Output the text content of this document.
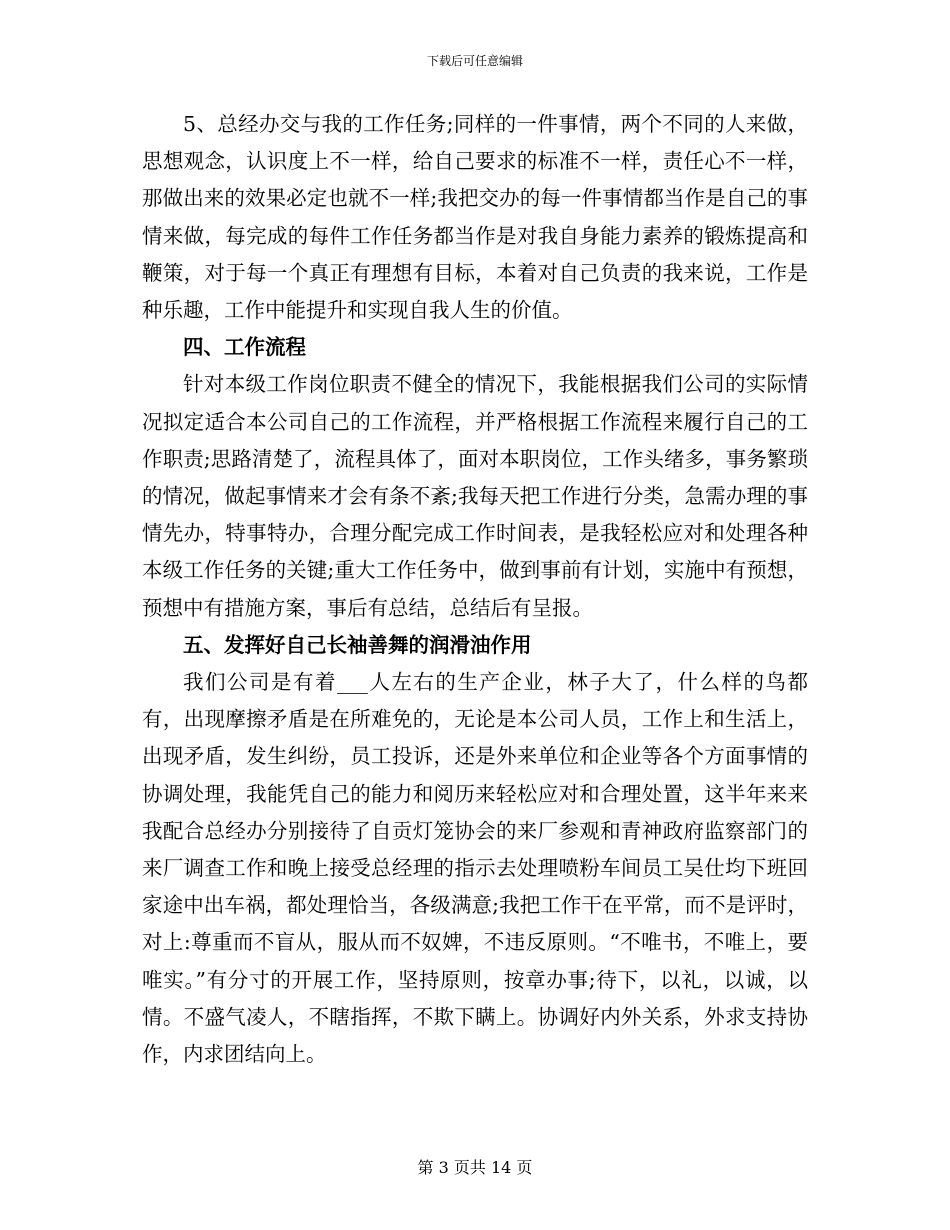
下载后可任意编辑

5、总经办交与我的工作任务;同样的一件事情，两个不同的人来做，思想观念，认识度上不一样，给自己要求的标准不一样，责任心不一样，那做出来的效果必定也就不一样;我把交办的每一件事情都当作是自己的事情来做，每完成的每件工作任务都当作是对我自身能力素养的锻炼提高和鞭策，对于每一个真正有理想有目标，本着对自己负责的我来说，工作是种乐趣，工作中能提升和实现自我人生的价值。

四、工作流程

针对本级工作岗位职责不健全的情况下，我能根据我们公司的实际情况拟定适合本公司自己的工作流程，并严格根据工作流程来履行自己的工作职责;思路清楚了，流程具体了，面对本职岗位，工作头绪多，事务繁琐的情况，做起事情来才会有条不紊;我每天把工作进行分类，急需办理的事情先办，特事特办，合理分配完成工作时间表，是我轻松应对和处理各种本级工作任务的关键;重大工作任务中，做到事前有计划，实施中有预想，预想中有措施方案，事后有总结，总结后有呈报。

五、发挥好自己长袖善舞的润滑油作用

我们公司是有着___人左右的生产企业，林子大了，什么样的鸟都有，出现摩擦矛盾是在所难免的，无论是本公司人员，工作上和生活上，出现矛盾，发生纠纷，员工投诉，还是外来单位和企业等各个方面事情的协调处理，我能凭自己的能力和阅历来轻松应对和合理处置，这半年来来我配合总经办分别接待了自贡灯笼协会的来厂参观和青神政府监察部门的来厂调查工作和晚上接受总经理的指示去处理喷粉车间员工吴仕均下班回家途中出车祸，都处理恰当，各级满意;我把工作干在平常，而不是评时，对上:尊重而不盲从，服从而不奴婢，不违反原则。“不唯书，不唯上，要唯实。”有分寸的开展工作，坚持原则，按章办事;待下，以礼，以诚，以情。不盛气凌人，不瞎指挥，不欺下瞒上。协调好内外关系，外求支持协作，内求团结向上。

第 3 页共 14 页
